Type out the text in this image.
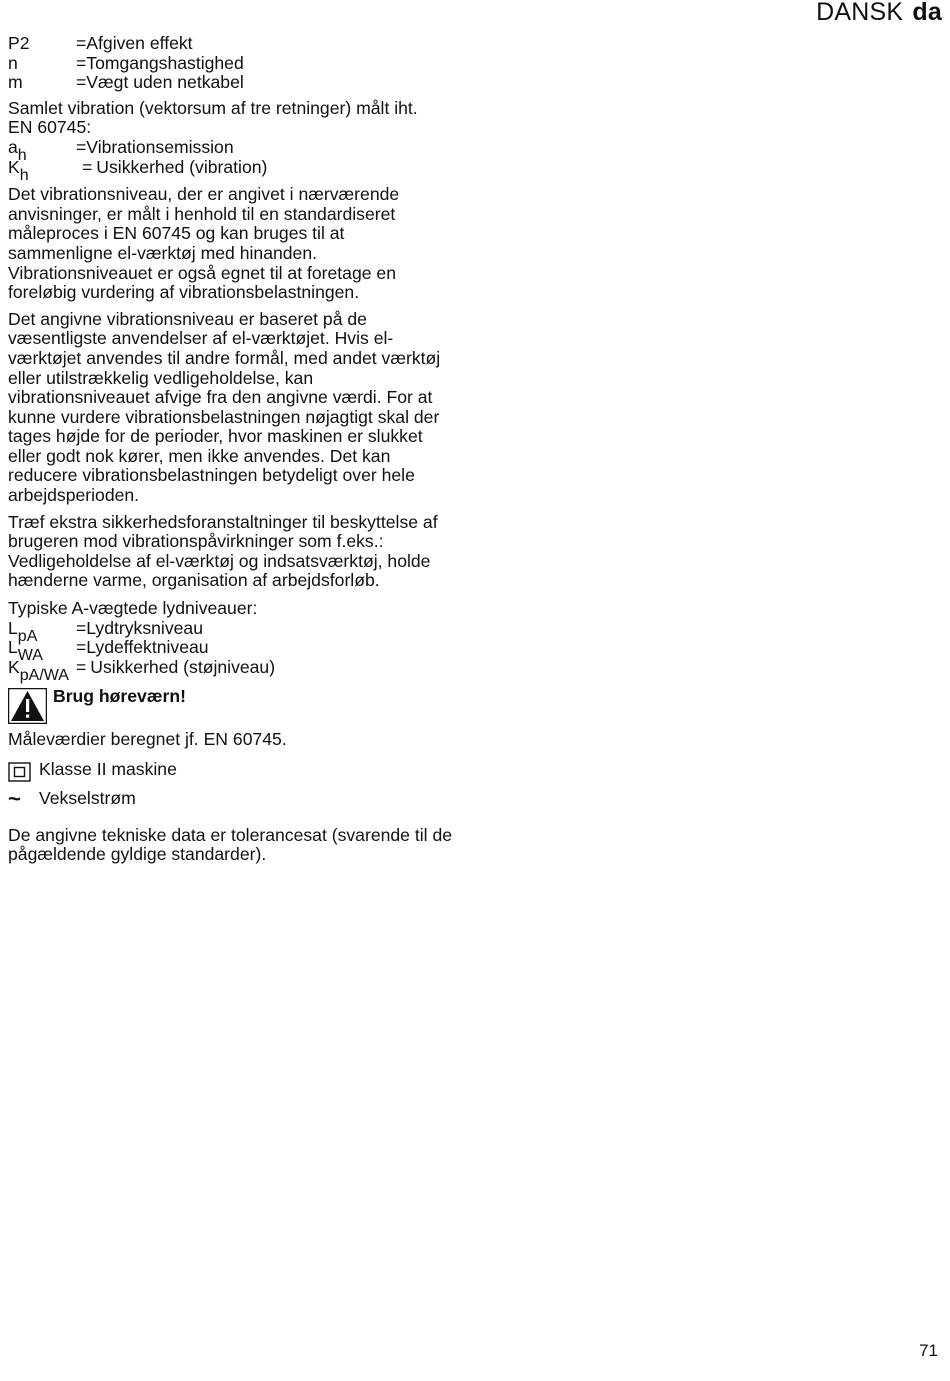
DANSK da
P2	= Afgiven effekt
n	= Tomgangshastighed
m	= Vægt uden netkabel

Samlet vibration (vektorsum af tre retninger) målt iht. EN 60745:

ah	= Vibrationsemission
Kh	= Usikkerhed (vibration)

Det vibrationsniveau, der er angivet i nærværende anvisninger, er målt i henhold til en standardiseret måleproces i EN 60745 og kan bruges til at sammenligne el-værktøj med hinanden. Vibrationsniveauet er også egnet til at foretage en foreløbig vurdering af vibrationsbelastningen.

Det angivne vibrationsniveau er baseret på de væsentligste anvendelser af el-værktøjet. Hvis el-værktøjet anvendes til andre formål, med andet værktøj eller utilstrækkelig vedligeholdelse, kan vibrationsniveauet afvige fra den angivne værdi. For at kunne vurdere vibrationsbelastningen nøjagtigt skal der tages højde for de perioder, hvor maskinen er slukket eller godt nok kører, men ikke anvendes. Det kan reducere vibrationsbelastningen betydeligt over hele arbejdsperioden.

Træf ekstra sikkerhedsforanstaltninger til beskyttelse af brugeren mod vibrationspåvirkninger som f.eks.: Vedligeholdelse af el-værktøj og indsatsværktøj, holde hænderne varme, organisation af arbejdsforløb.

Typiske A-vægtede lydniveauer:

LpA	= Lydtryksniveau
LWA	= Lydeffektniveau
KpA/WA = Usikkerhed (støjniveau)
Brug høreværn!

Måleværdier beregnet jf. EN 60745.

Klasse II maskine
~	Vekselstrøm

De angivne tekniske data er tolerancesat (svarende til de pågældende gyldige standarder).

71
